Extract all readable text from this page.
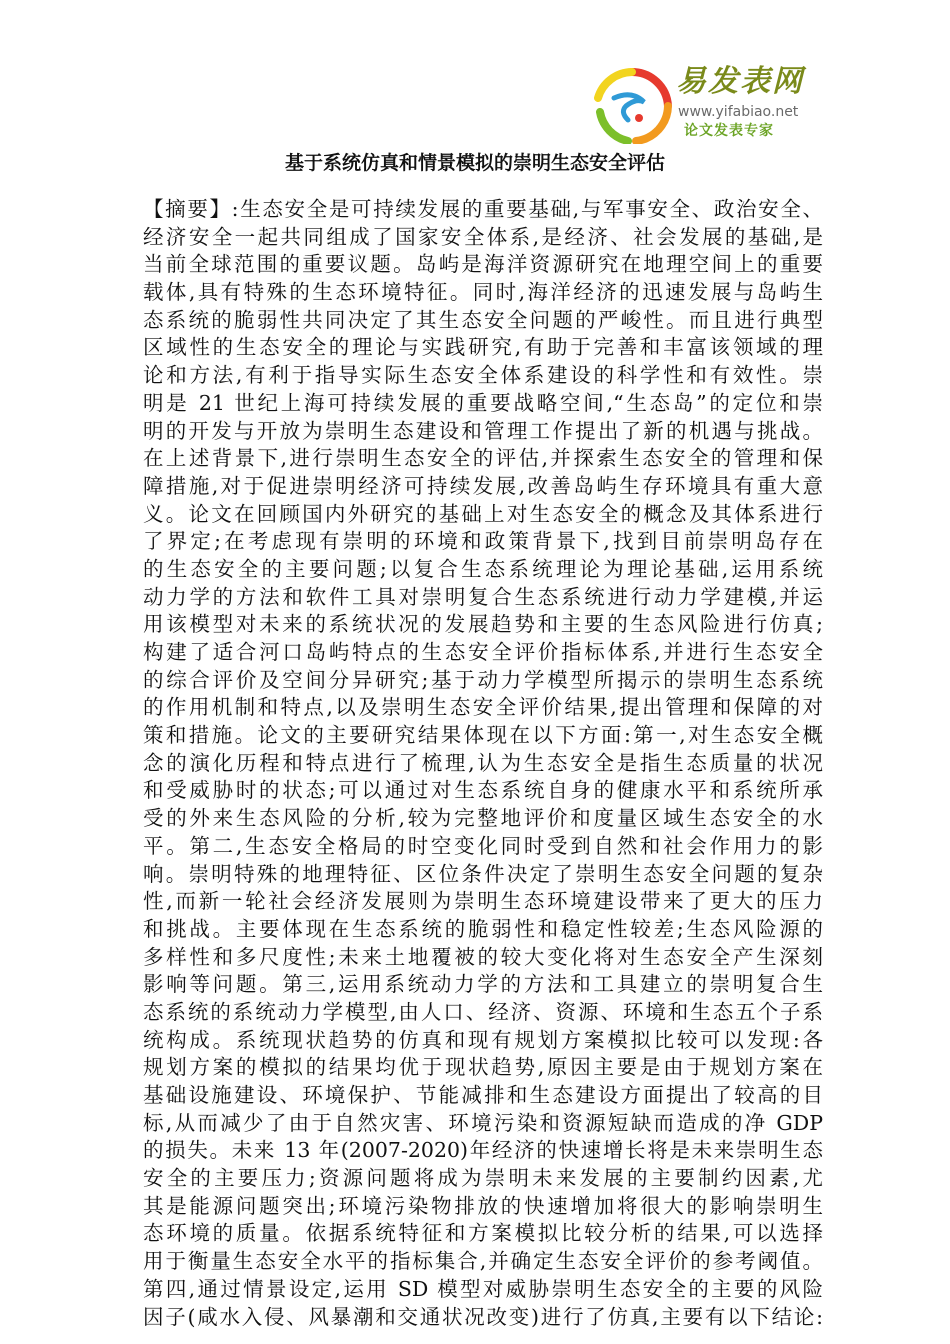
易发表网
www.yifabiao.net
论文发表专家
基于系统仿真和情景模拟的崇明生态安全评估
【摘要】:生态安全是可持续发展的重要基础,与军事安全、政治安全、
经济安全一起共同组成了国家安全体系,是经济、社会发展的基础,是
当前全球范围的重要议题。岛屿是海洋资源研究在地理空间上的重要
载体,具有特殊的生态环境特征。同时,海洋经济的迅速发展与岛屿生
态系统的脆弱性共同决定了其生态安全问题的严峻性。而且进行典型
区域性的生态安全的理论与实践研究,有助于完善和丰富该领域的理
论和方法,有利于指导实际生态安全体系建设的科学性和有效性。崇
明是 21 世纪上海可持续发展的重要战略空间,“生态岛”的定位和崇
明的开发与开放为崇明生态建设和管理工作提出了新的机遇与挑战。
在上述背景下,进行崇明生态安全的评估,并探索生态安全的管理和保
障措施,对于促进崇明经济可持续发展,改善岛屿生存环境具有重大意
义。论文在回顾国内外研究的基础上对生态安全的概念及其体系进行
了界定;在考虑现有崇明的环境和政策背景下,找到目前崇明岛存在
的生态安全的主要问题;以复合生态系统理论为理论基础,运用系统
动力学的方法和软件工具对崇明复合生态系统进行动力学建模,并运
用该模型对未来的系统状况的发展趋势和主要的生态风险进行仿真;
构建了适合河口岛屿特点的生态安全评价指标体系,并进行生态安全
的综合评价及空间分异研究;基于动力学模型所揭示的崇明生态系统
的作用机制和特点,以及崇明生态安全评价结果,提出管理和保障的对
策和措施。论文的主要研究结果体现在以下方面:第一,对生态安全概
念的演化历程和特点进行了梳理,认为生态安全是指生态质量的状况
和受威胁时的状态;可以通过对生态系统自身的健康水平和系统所承
受的外来生态风险的分析,较为完整地评价和度量区域生态安全的水
平。第二,生态安全格局的时空变化同时受到自然和社会作用力的影
响。崇明特殊的地理特征、区位条件决定了崇明生态安全问题的复杂
性,而新一轮社会经济发展则为崇明生态环境建设带来了更大的压力
和挑战。主要体现在生态系统的脆弱性和稳定性较差;生态风险源的
多样性和多尺度性;未来土地覆被的较大变化将对生态安全产生深刻
影响等问题。第三,运用系统动力学的方法和工具建立的崇明复合生
态系统的系统动力学模型,由人口、经济、资源、环境和生态五个子系
统构成。系统现状趋势的仿真和现有规划方案模拟比较可以发现:各
规划方案的模拟的结果均优于现状趋势,原因主要是由于规划方案在
基础设施建设、环境保护、节能减排和生态建设方面提出了较高的目
标,从而减少了由于自然灾害、环境污染和资源短缺而造成的净 GDP
的损失。未来 13 年(2007-2020)年经济的快速增长将是未来崇明生态
安全的主要压力;资源问题将成为崇明未来发展的主要制约因素,尤
其是能源问题突出;环境污染物排放的快速增加将很大的影响崇明生
态环境的质量。依据系统特征和方案模拟比较分析的结果,可以选择
用于衡量生态安全水平的指标集合,并确定生态安全评价的参考阈值。
第四,通过情景设定,运用 SD 模型对威胁崇明生态安全的主要的风险
因子(咸水入侵、风暴潮和交通状况改变)进行了仿真,主要有以下结论:
